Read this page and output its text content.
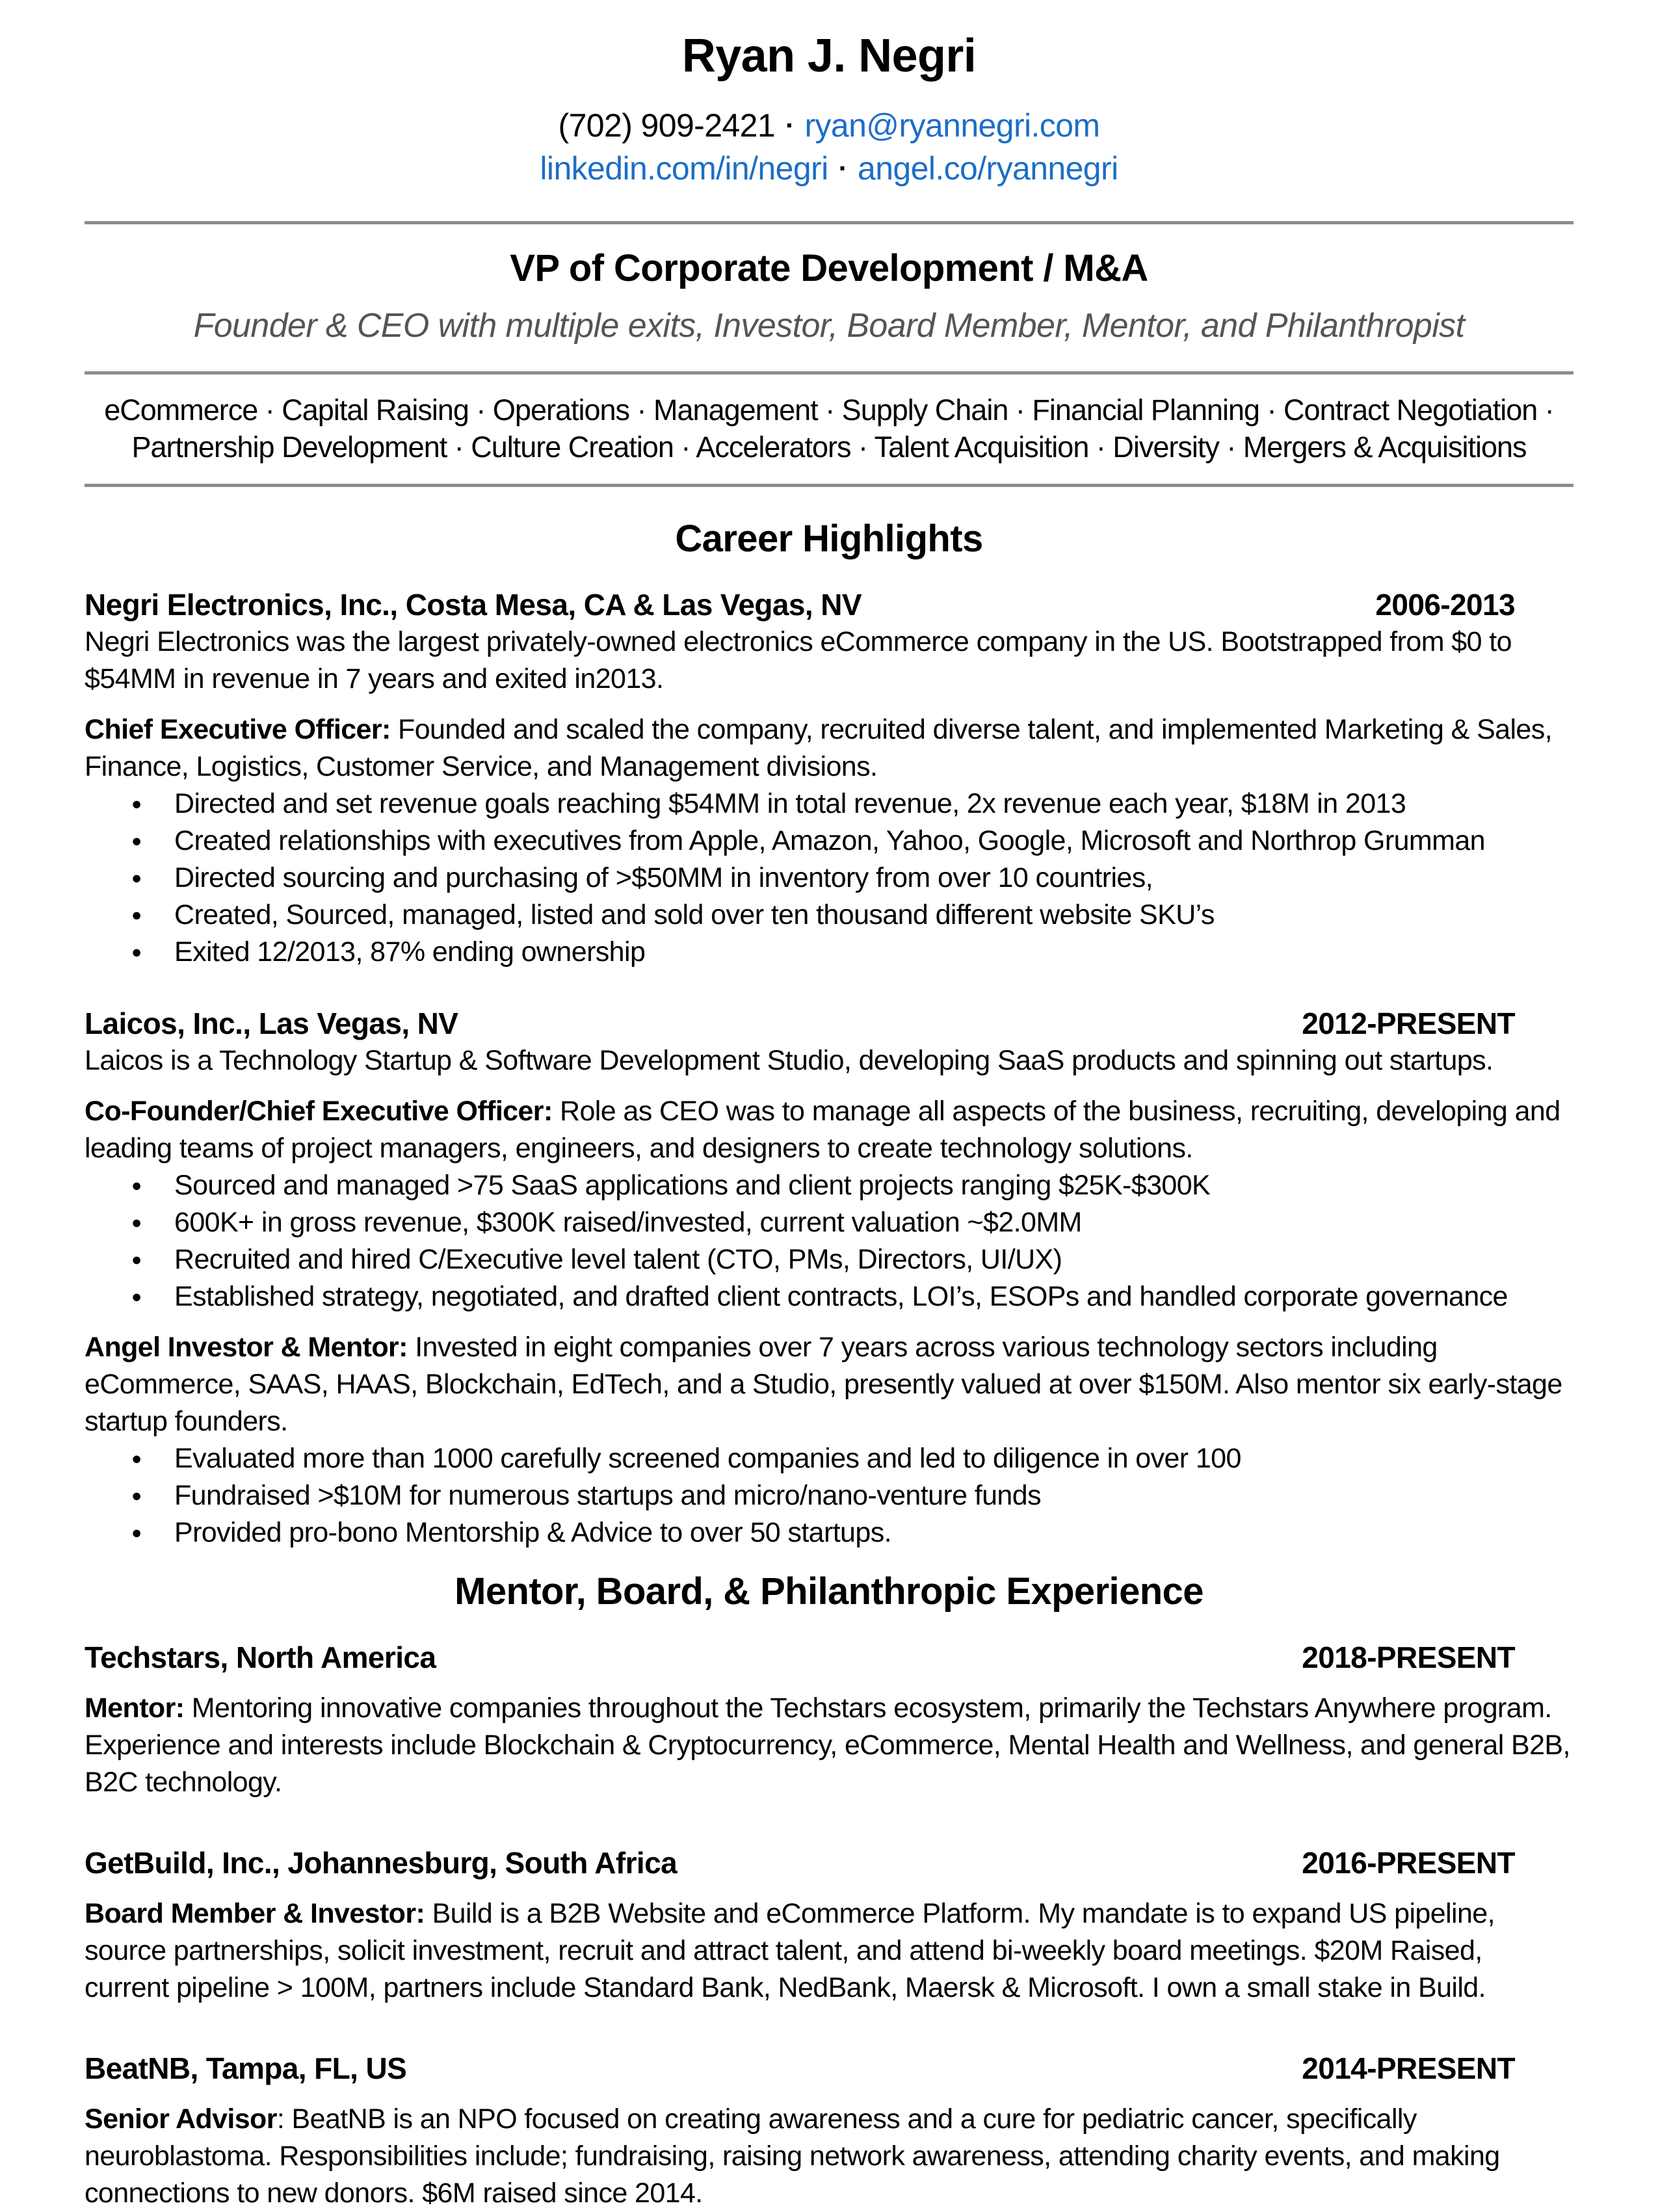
Ryan J. Negri
(702) 909-2421 · ryan@ryannegri.com
linkedin.com/in/negri · angel.co/ryannegri
VP of Corporate Development / M&A
Founder & CEO with multiple exits, Investor, Board Member, Mentor, and Philanthropist
eCommerce · Capital Raising · Operations · Management · Supply Chain · Financial Planning · Contract Negotiation · Partnership Development · Culture Creation · Accelerators · Talent Acquisition · Diversity · Mergers & Acquisitions
Career Highlights
Negri Electronics, Inc., Costa Mesa, CA & Las Vegas, NV	2006-2013

Negri Electronics was the largest privately-owned electronics eCommerce company in the US. Bootstrapped from $0 to $54MM in revenue in 7 years and exited in2013.

Chief Executive Officer: Founded and scaled the company, recruited diverse talent, and implemented Marketing & Sales, Finance, Logistics, Customer Service, and Management divisions.

● Directed and set revenue goals reaching $54MM in total revenue, 2x revenue each year, $18M in 2013
● Created relationships with executives from Apple, Amazon, Yahoo, Google, Microsoft and Northrop Grumman
● Directed sourcing and purchasing of >$50MM in inventory from over 10 countries,
● Created, Sourced, managed, listed and sold over ten thousand different website SKU’s
● Exited 12/2013, 87% ending ownership
Laicos, Inc., Las Vegas, NV	2012-PRESENT

Laicos is a Technology Startup & Software Development Studio, developing SaaS products and spinning out startups.

Co-Founder/Chief Executive Officer: Role as CEO was to manage all aspects of the business, recruiting, developing and leading teams of project managers, engineers, and designers to create technology solutions.

● Sourced and managed >75 SaaS applications and client projects ranging $25K-$300K
● 600K+ in gross revenue, $300K raised/invested, current valuation ~$2.0MM
● Recruited and hired C/Executive level talent (CTO, PMs, Directors, UI/UX)
● Established strategy, negotiated, and drafted client contracts, LOI’s, ESOPs and handled corporate governance

Angel Investor & Mentor: Invested in eight companies over 7 years across various technology sectors including eCommerce, SAAS, HAAS, Blockchain, EdTech, and a Studio, presently valued at over $150M. Also mentor six early-stage startup founders.

● Evaluated more than 1000 carefully screened companies and led to diligence in over 100
● Fundraised >$10M for numerous startups and micro/nano-venture funds
● Provided pro-bono Mentorship & Advice to over 50 startups.
Mentor, Board, & Philanthropic Experience
Techstars, North America	2018-PRESENT

Mentor: Mentoring innovative companies throughout the Techstars ecosystem, primarily the Techstars Anywhere program. Experience and interests include Blockchain & Cryptocurrency, eCommerce, Mental Health and Wellness, and general B2B, B2C technology.

GetBuild, Inc., Johannesburg, South Africa	2016-PRESENT

Board Member & Investor: Build is a B2B Website and eCommerce Platform. My mandate is to expand US pipeline, source partnerships, solicit investment, recruit and attract talent, and attend bi-weekly board meetings. $20M Raised, current pipeline > 100M, partners include Standard Bank, NedBank, Maersk & Microsoft. I own a small stake in Build.

BeatNB, Tampa, FL, US	2014-PRESENT

Senior Advisor: BeatNB is an NPO focused on creating awareness and a cure for pediatric cancer, specifically neuroblastoma. Responsibilities include; fundraising, raising network awareness, attending charity events, and making connections to new donors. $6M raised since 2014.
